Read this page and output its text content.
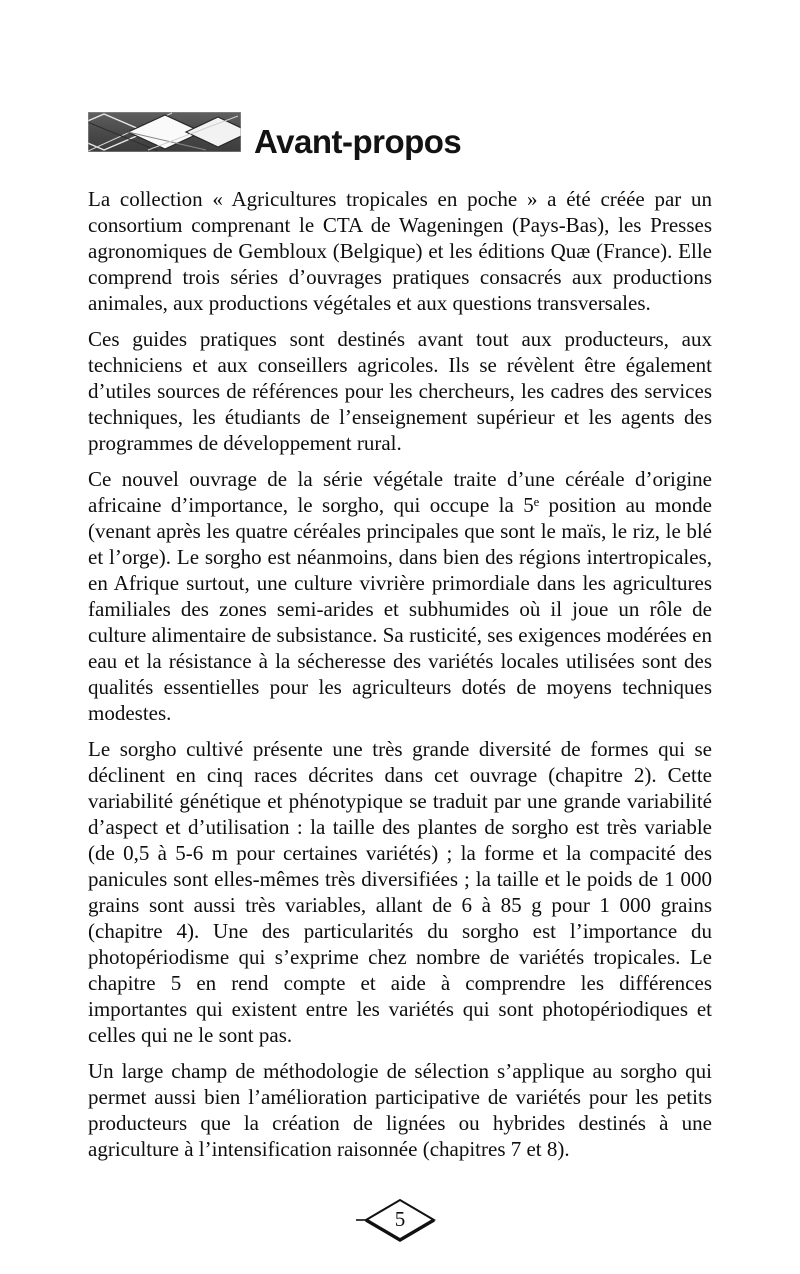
Avant-propos

La collection « Agricultures tropicales en poche » a été créée par un consortium comprenant le CTA de Wageningen (Pays-Bas), les Presses agronomiques de Gembloux (Belgique) et les éditions Quæ (France). Elle comprend trois séries d’ouvrages pratiques consacrés aux productions animales, aux productions végétales et aux questions transversales.

Ces guides pratiques sont destinés avant tout aux producteurs, aux techniciens et aux conseillers agricoles. Ils se révèlent être également d’utiles sources de références pour les chercheurs, les cadres des services techniques, les étudiants de l’enseignement supérieur et les agents des programmes de développement rural.

Ce nouvel ouvrage de la série végétale traite d’une céréale d’origine africaine d’importance, le sorgho, qui occupe la 5ᵉ position au monde (venant après les quatre céréales principales que sont le maïs, le riz, le blé et l’orge). Le sorgho est néanmoins, dans bien des régions intertropicales, en Afrique surtout, une culture vivrière primordiale dans les agricultures familiales des zones semi-arides et subhumides où il joue un rôle de culture alimentaire de subsistance. Sa rusticité, ses exigences modérées en eau et la résistance à la sécheresse des variétés locales utilisées sont des qualités essentielles pour les agriculteurs dotés de moyens techniques modestes.

Le sorgho cultivé présente une très grande diversité de formes qui se déclinent en cinq races décrites dans cet ouvrage (chapitre 2). Cette variabilité génétique et phénotypique se traduit par une grande variabilité d’aspect et d’utilisation : la taille des plantes de sorgho est très variable (de 0,5 à 5-6 m pour certaines variétés) ; la forme et la compacité des panicules sont elles-mêmes très diversifiées ; la taille et le poids de 1 000 grains sont aussi très variables, allant de 6 à 85 g pour 1 000 grains (chapitre 4). Une des particularités du sorgho est l’importance du photopériodisme qui s’exprime chez nombre de variétés tropicales. Le chapitre 5 en rend compte et aide à comprendre les différences importantes qui existent entre les variétés qui sont photopériodiques et celles qui ne le sont pas.

Un large champ de méthodologie de sélection s’applique au sorgho qui permet aussi bien l’amélioration participative de variétés pour les petits producteurs que la création de lignées ou hybrides destinés à une agriculture à l’intensification raisonnée (chapitres 7 et 8).

5
